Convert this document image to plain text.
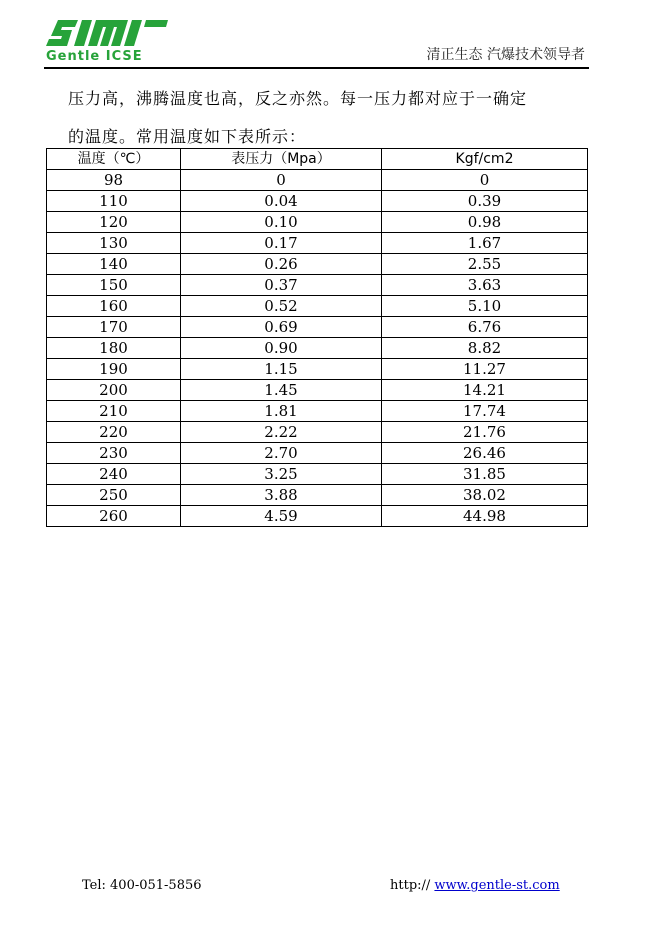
Gentle ICSE	清正生态 汽爆技术领导者
压力高，沸腾温度也高，反之亦然。每一压力都对应于一确定
的温度。常用温度如下表所示：
温度（℃）	表压力（Mpa）	Kgf/cm2
98	0	0
110	0.04	0.39
120	0.10	0.98
130	0.17	1.67
140	0.26	2.55
150	0.37	3.63
160	0.52	5.10
170	0.69	6.76
180	0.90	8.82
190	1.15	11.27
200	1.45	14.21
210	1.81	17.74
220	2.22	21.76
230	2.70	26.46
240	3.25	31.85
250	3.88	38.02
260	4.59	44.98
Tel: 400-051-5856	http:// www.gentle-st.com
